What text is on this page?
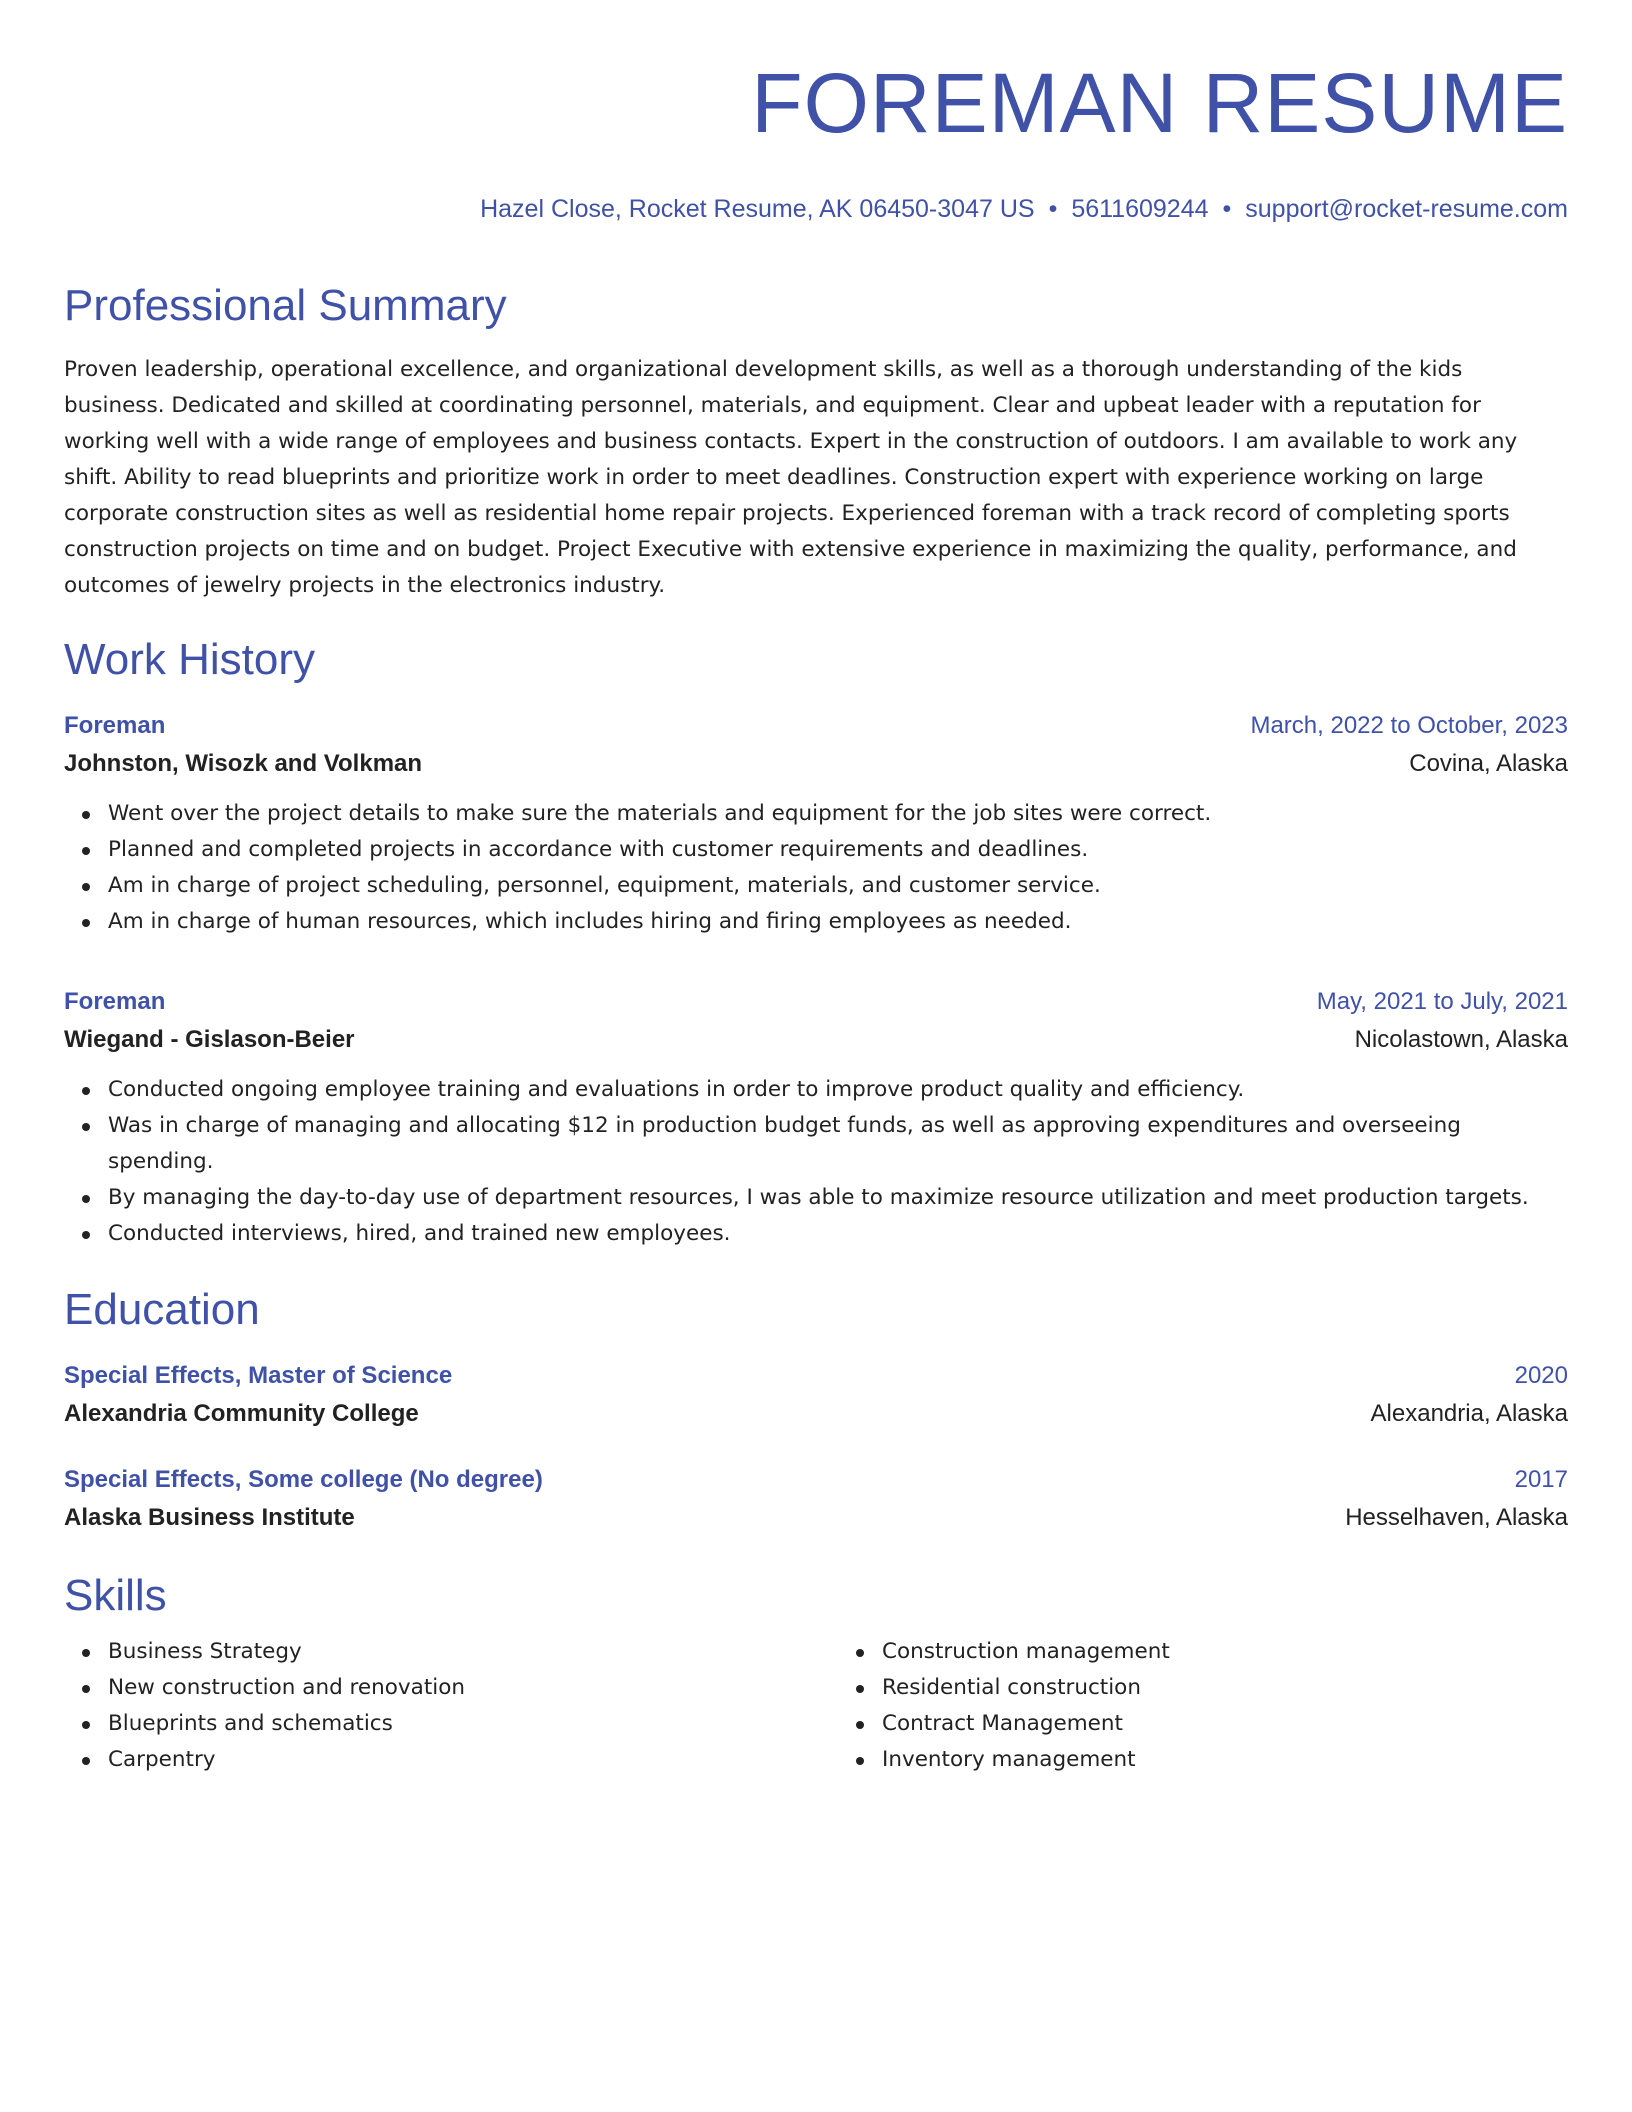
FOREMAN RESUME
Hazel Close, Rocket Resume, AK 06450-3047 US • 5611609244 • support@rocket-resume.com
Professional Summary
Proven leadership, operational excellence, and organizational development skills, as well as a thorough understanding of the kids business. Dedicated and skilled at coordinating personnel, materials, and equipment. Clear and upbeat leader with a reputation for working well with a wide range of employees and business contacts. Expert in the construction of outdoors. I am available to work any shift. Ability to read blueprints and prioritize work in order to meet deadlines. Construction expert with experience working on large corporate construction sites as well as residential home repair projects. Experienced foreman with a track record of completing sports construction projects on time and on budget. Project Executive with extensive experience in maximizing the quality, performance, and outcomes of jewelry projects in the electronics industry.
Work History
Foreman	March, 2022 to October, 2023
Johnston, Wisozk and Volkman	Covina, Alaska
Went over the project details to make sure the materials and equipment for the job sites were correct.
Planned and completed projects in accordance with customer requirements and deadlines.
Am in charge of project scheduling, personnel, equipment, materials, and customer service.
Am in charge of human resources, which includes hiring and firing employees as needed.
Foreman	May, 2021 to July, 2021
Wiegand - Gislason-Beier	Nicolastown, Alaska
Conducted ongoing employee training and evaluations in order to improve product quality and efficiency.
Was in charge of managing and allocating $12 in production budget funds, as well as approving expenditures and overseeing spending.
By managing the day-to-day use of department resources, I was able to maximize resource utilization and meet production targets.
Conducted interviews, hired, and trained new employees.
Education
Special Effects, Master of Science	2020
Alexandria Community College	Alexandria, Alaska
Special Effects, Some college (No degree)	2017
Alaska Business Institute	Hesselhaven, Alaska
Skills
Business Strategy
New construction and renovation
Blueprints and schematics
Carpentry
Construction management
Residential construction
Contract Management
Inventory management
